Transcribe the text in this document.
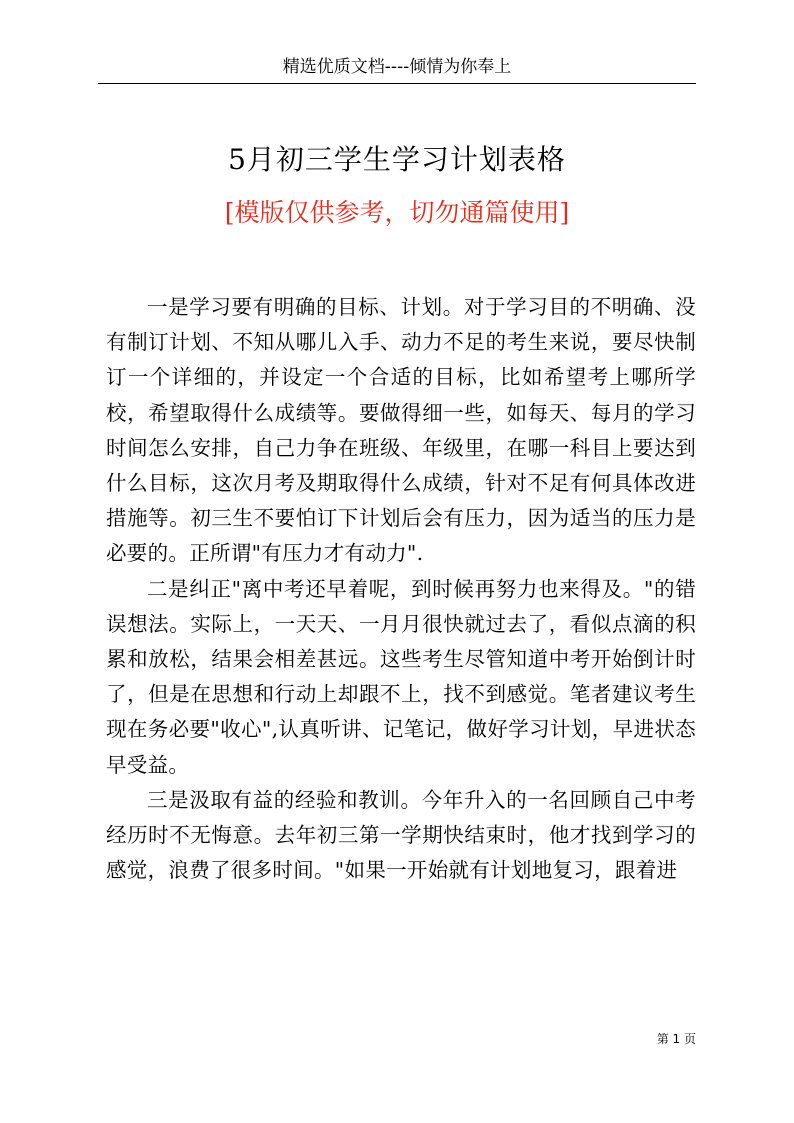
精选优质文档----倾情为你奉上
5月初三学生学习计划表格
[模版仅供参考，切勿通篇使用]

一是学习要有明确的目标、计划。对于学习目的不明确、没有制订计划、不知从哪儿入手、动力不足的考生来说，要尽快制订一个详细的，并设定一个合适的目标，比如希望考上哪所学校，希望取得什么成绩等。要做得细一些，如每天、每月的学习时间怎么安排，自己力争在班级、年级里，在哪一科目上要达到什么目标，这次月考及期取得什么成绩，针对不足有何具体改进措施等。初三生不要怕订下计划后会有压力，因为适当的压力是必要的。正所谓"有压力才有动力".

二是纠正"离中考还早着呢，到时候再努力也来得及。"的错误想法。实际上，一天天、一月月很快就过去了，看似点滴的积累和放松，结果会相差甚远。这些考生尽管知道中考开始倒计时了，但是在思想和行动上却跟不上，找不到感觉。笔者建议考生现在务必要"收心",认真听讲、记笔记，做好学习计划，早进状态早受益。

三是汲取有益的经验和教训。今年升入的一名回顾自己中考经历时不无悔意。去年初三第一学期快结束时，他才找到学习的感觉，浪费了很多时间。"如果一开始就有计划地复习，跟着进

第 1 页
